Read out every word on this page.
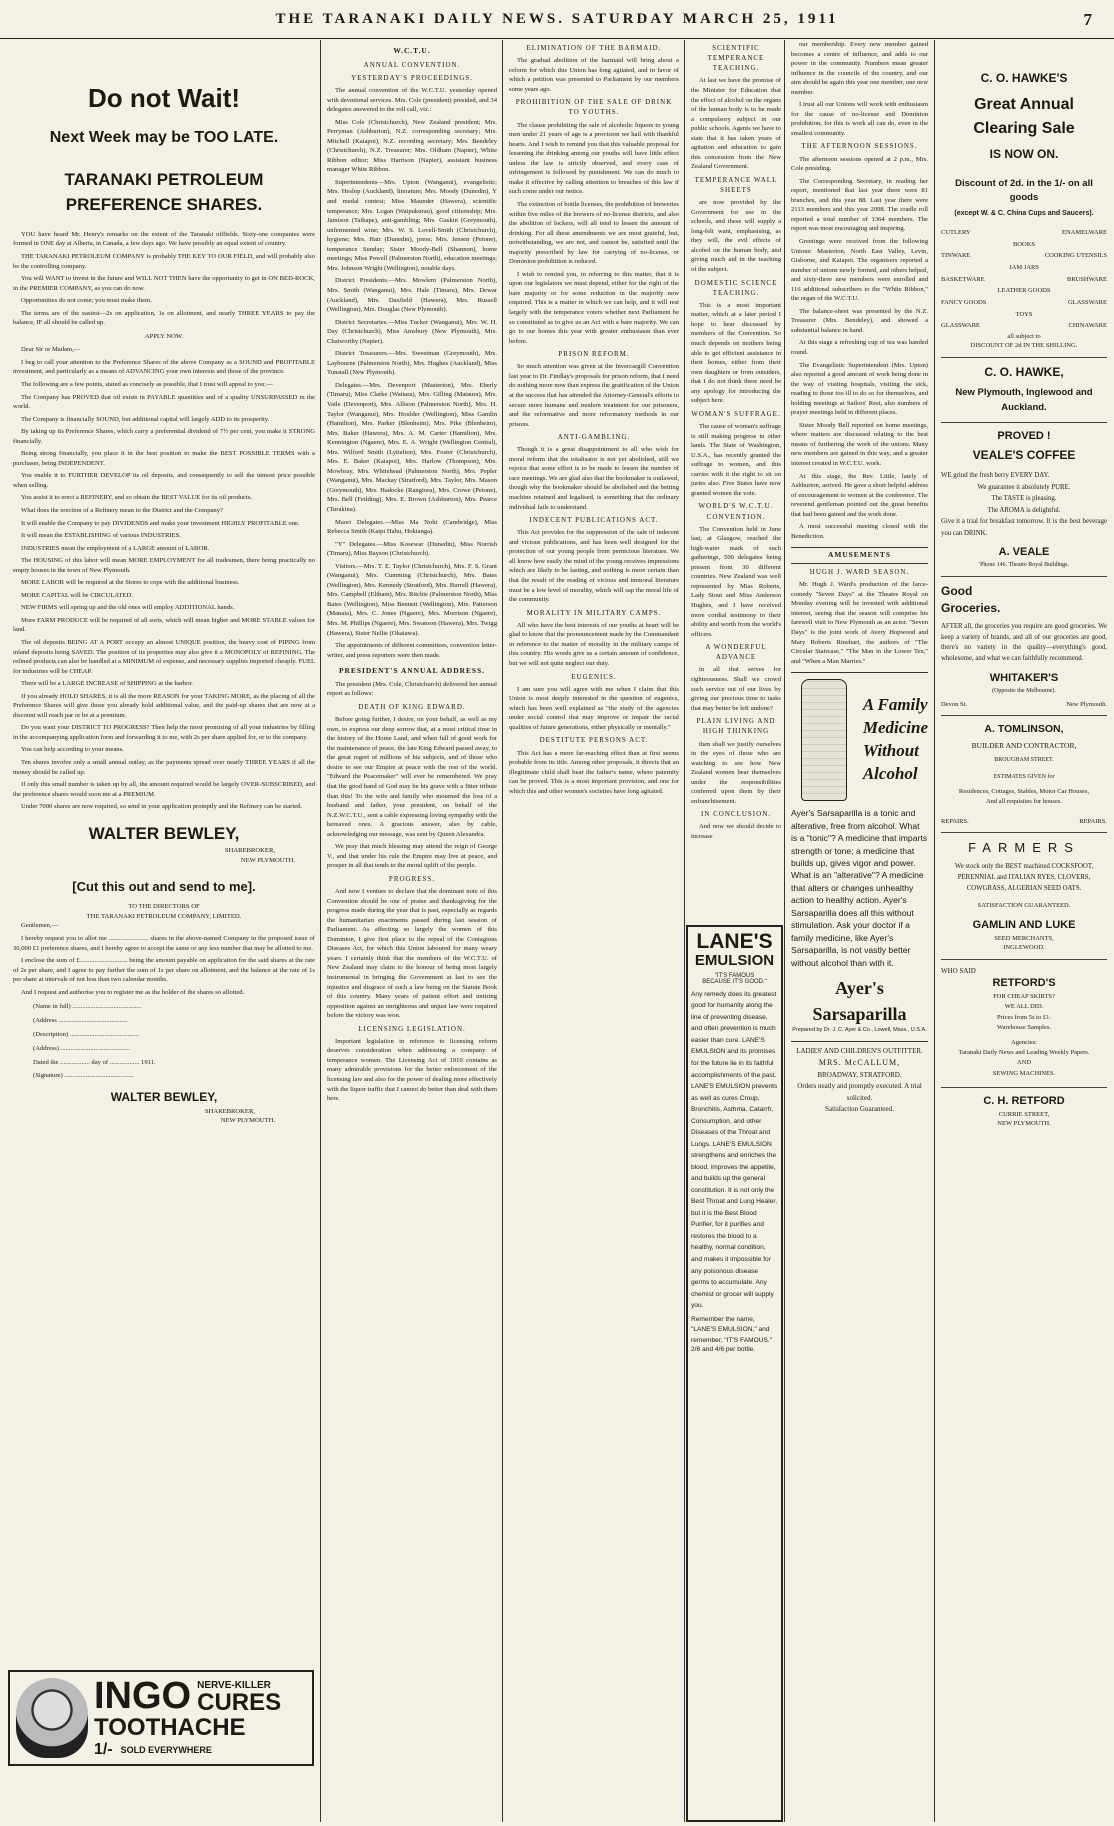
THE TARANAKI DAILY NEWS. SATURDAY MARCH 25, 1911	7
Do not Wait!
Next Week may be TOO LATE.
TARANAKI PETROLEUM PREFERENCE SHARES.

YOU have heard Mr. Henry's remarks on the extent of the Taranaki oilfields. Sixty-one companies were formed in ONE day at Alberta, in Canada, a few days ago. We have possibly an equal extent of country.

THE TARANAKI PETROLEUM COMPANY is probably THE KEY TO OUR FIELD, and will probably also be the controlling company.

You will WANT to invest in the future and WILL NOT THEN have the opportunity to get in ON BED-ROCK, in the PREMIER COMPANY, as you can do now.

Opportunities do not come; you must make them.

The terms are of the easiest—2s on application, 1s on allotment, and nearly THREE YEARS to pay the balance, IF all should be called up.

APPLY NOW.

Dear Sir or Madam,—

I beg to call your attention to the Preference Shares of the above Company as a SOUND and PROFITABLE investment, and particularly as a means of ADVANCING your own interests and those of the province.

The following are a few points, stated as concisely as possible, that I trust will appeal to you:—

The Company has PROVED that oil exists in PAYABLE quantities and of a quality UNSURPASSED in the world.

The Company is financially SOUND, but additional capital will largely ADD to its prosperity.

By taking up its Preference Shares, which carry a preferential dividend of 7½ per cent, you make it STRONG financially.

Being strong financially, you place it in the best position to make the BEST POSSIBLE TERMS with a purchaser, being INDEPENDENT.

You enable it to FURTHER DEVELOP its oil deposits, and consequently to sell the utmost price possible when selling.

You assist it to erect a REFINERY, and so obtain the BEST VALUE for its oil products.

What does the erection of a Refinery mean to the District and the Company?

It will enable the Company to pay DIVIDENDS and make your investment HIGHLY PROFITABLE one.

It will mean the ESTABLISHING of various INDUSTRIES.

INDUSTRIES mean the employment of a LARGE amount of LABOR.

The HOUSING of this labor will mean MORE EMPLOYMENT for all tradesmen, there being practically no empty houses in the town of New Plymouth.

MORE LABOR will be required at the Stores to cope with the additional business.

MORE CAPITAL will be CIRCULATED.

NEW FIRMS will spring up and the old ones will employ ADDITIONAL hands.

More FARM PRODUCE will be required of all sorts, which will mean higher and MORE STABLE values for land.

The oil deposits BEING AT A PORT occupy an almost UNIQUE position, the heavy cost of PIPING from inland deposits being SAVED. The position of its properties may also give it a MONOPOLY of REFINING. The refined products can also be handled at a MINIMUM of expense, and necessary supplies imported cheaply. FUEL for industries will be CHEAP.

There will be a LARGE INCREASE of SHIPPING at the harbor.

If you already HOLD SHARES, it is all the more REASON for your TAKING MORE, as the placing of all the Preference Shares will give those you already hold additional value, and the paid-up shares that are now at a discount will reach par or be at a premium.

Do you want your DISTRICT TO PROGRESS? Then help the most promising of all your industries by filling in the accompanying application form and forwarding it to me, with 2s per share applied for, or to the company.

You can help according to your means.

Ten shares involve only a small annual outlay, as the payments spread over nearly THREE YEARS if all the money should be called up.

If only this small number is taken up by all, the amount required would be largely OVER-SUBSCRIBED, and the preference shares would soon me at a PREMIUM.

Under 7000 shares are now required, so send in your application promptly and the Refinery can be started.

WALTER BEWLEY,
SHAREBROKER,
NEW PLYMOUTH.
[Cut this out and send to me].
TO THE DIRECTORS OF
THE TARANAKI PETROLEUM COMPANY, LIMITED.

Gentlemen,—

I hereby request you to allot me ........................ shares in the above-named Company in the proposed issue of 30,000 £1 preference shares, and I hereby agree to accept the same or any less number that may be allotted to me.

I enclose the sum of £............................. being the amount payable on application for the said shares at the rate of 2s per share, and I agree to pay further the sum of 1s per share on allotment, and the balance at the rate of 1s per share at intervals of not less than two calendar months.

And I request and authorise you to register me as the holder of the shares so allotted.

(Name in full) ..........................................
(Address ..........................................
(Description) ..........................................
(Address) ..........................................
Dated the .................. day of .................. 1911.
(Signature) ..........................................
WALTER BEWLEY,
SHAREBROKER,
NEW PLYMOUTH.
INGO NERVE-KILLER
CURES
TOOTHACHE
1/- SOLD EVERYWHERE
W.C.T.U.
ANNUAL CONVENTION.
YESTERDAY'S PROCEEDINGS.

The annual convention of the W.C.T.U. yesterday opened with devotional services. Mrs. Cole (president) presided, and 34 delegates answered to the roll call, viz.:

Miss Cole (Christchurch), New Zealand president; Mrs. Perryman (Ashburton), N.Z. corresponding secretary; Mrs. Mitchell (Kaiapoi), N.Z. recording secretary; Mrs. Bendeley (Christchurch), N.Z. Treasurer; Mrs. Oldham (Napier), White Ribbon editor; Miss Harrison (Napier), assistant business manager White Ribbon.

Superintendents—Mrs. Upton (Wanganui), evangelistic; Mrs. Heslop (Auckland), literature; Mrs. Moody (Dunedin), Y and medal contest; Miss Maunder (Hawera), scientific temperance; Mrs. Logan (Waipukurau), good citizenship; Mrs. Jamison (Taihape), anti-gambling; Mrs. Gaskin (Greymouth), unfermented wine; Mrs. W. S. Lovell-Smith (Christchurch), hygiene; Mrs. Hair (Dunedin), press; Mrs. Jensen (Petone), temperance Sunday; Sister Moody-Bell (Shannon), home meetings; Miss Powell (Palmerston North), education meetings; Mrs. Johnson Wright (Wellington), notable days.

District Presidents.—Mrs. Mowlem (Palmerston North), Mrs. Smith (Wanganui), Mrs. Hale (Timaru), Mrs. Dewar (Auckland), Mrs. Daxfield (Hawera), Mrs. Russell (Wellington), Mrs. Douglas (New Plymouth).

District Secretaries.—Miss Tucker (Wanganui), Mrs. W. H. Day (Christchurch), Miss Amsbury (New Plymouth), Mrs. Chatworthy (Napier).

District Treasurers.—Mrs. Sweetman (Greymouth), Mrs. Laybourne (Palmerston North), Mrs. Hughes (Auckland), Miss Tunstall (New Plymouth).

Delegates.—Mrs. Devenport (Masterton), Mrs. Eberly (Timaru), Miss Clarke (Waitara), Mrs. Gilling (Mataura), Mrs. Vaile (Devenport), Mrs. Allison (Palmerston North), Mrs. H. Taylor (Wanganui), Mrs. Houlder (Wellington), Miss Gamlin (Hamilton), Mrs. Parker (Blenheim), Mrs. Pike (Blenheim), Mrs. Baker (Hawera), Mrs. A. M. Carter (Hamilton), Mrs. Kennington (Ngaere), Mrs. E. A. Wright (Wellington Central), Mrs. Wilford Smith (Lyttelton), Mrs. Foster (Christchurch), Mrs. E. Baker (Kaiapoi), Mrs. Harlow (Thompson), Mrs. Mowbray, Mrs. Whitehead (Palmerston North), Mrs. Pepler (Wanganui), Mrs. Mackay (Stratford), Mrs. Taylor, Mrs. Mason (Greymouth), Mrs. Hadocke (Rangiora), Mrs. Crowe (Petone), Mrs. Bell (Feilding), Mrs. E. Brown (Ashburton), Mrs. Pearce (Turakina).

Maori Delegates.—Miss Ma Nohi (Cambridge), Miss Rebecca Smith (Kaipi Hahu, Hokianga).

"Y" Delegates.—Miss Kosewar (Dunedin), Miss Norrish (Timaru), Miss Bayson (Christchurch).

Visitors.—Mrs. T. E. Taylor (Christchurch), Mrs. F. S. Grant (Wanganui), Mrs. Cumming (Christchurch), Mrs. Bates (Wellington), Mrs. Kennedy (Stratford), Mrs. Burrell (Hawera), Mrs. Campbell (Eltham), Mrs. Ritchie (Palmerston North), Miss Bates (Wellington), Miss Bennett (Wellington), Mrs. Patterson (Manaia), Mrs. C. Jones (Ngaere), Mrs. Morrison (Ngaere), Mrs. M. Phillips (Ngaere), Mrs. Swanson (Hawera), Mrs. Twigg (Hawera), Sister Nellie (Okaiawa).

The appointments of different committees, convention letter-writer, and press reporters were then made.

PRESIDENT'S ANNUAL ADDRESS.

The president (Mrs. Cole, Christchurch) delivered her annual report as follows:

DEATH OF KING EDWARD.

Before going further, I desire, on your behalf, as well as my own, to express our deep sorrow that, at a most critical time in the history of the Home Land, and when full of good work for the maintenance of peace, the late King Edward passed away, to the great regret of millions of his subjects, and of those who desire to see our Empire at peace with the rest of the world. "Edward the Peacemaker" will ever be remembered. We pray that the good hand of God may be his grave with a fitter tribute than this! To the wife and family who mourned the loss of a husband and father, your president, on behalf of the N.Z.W.C.T.U., sent a cable expressing loving sympathy with the bereaved ones. A gracious answer, also by cable, acknowledging our message, was sent by Queen Alexandra.

We pray that much blessing may attend the reign of George V., and that under his rule the Empire may live at peace, and prosper in all that tends to the moral uplift of the people.

PROGRESS.

And now I venture to declare that the dominant note of this Convention should be one of praise and thanksgiving for the progress made during the year that is past, especially as regards the humanitarian enactments passed during last session of Parliament. As affecting so largely the women of this Dominion, I give first place to the repeal of the Contagious Diseases Act, for which this Union laboured for many weary years. I certainly think that the members of the W.C.T.U. of New Zealand may claim to the honour of being most largely instrumental in bringing the Government at last to see the injustice and disgrace of such a law being on the Statute Book of this country. Many years of patient effort and untiring opposition against an unrighteous and unjust law were required before the victory was won.

LICENSING LEGISLATION.

Important legislation in reference to licensing reform deserves consideration when addressing a company of temperance women. The Licensing Act of 1910 contains as many admirable provisions for the better enforcement of the licensing law and also for the power of dealing more effectively with the liquor traffic that I cannot do better than deal with them here.

ELIMINATION OF THE BARMAID.

The gradual abolition of the barmaid will bring about a reform for which this Union has long agitated, and in favor of which a petition was presented to Parliament by our members some years ago.

PROHIBITION OF THE SALE OF DRINK TO YOUTHS.

The clause prohibiting the sale of alcoholic liquors to young men under 21 years of age is a provision we hail with thankful hearts. And I wish to remind you that this valuable proposal for lessening the drinking among our youths will have little effect unless the law is strictly observed, and every case of infringement is followed by punishment. We can do much to make it effective by calling attention to breaches of this law if such come under our notice.

The extinction of bottle licenses, the prohibition of breweries within five miles of the brewers of no-license districts, and also the abolition of lockers, will all tend to lessen the amount of drinking. For all these amendments we are most grateful, but, notwithstanding, we are not, and cannot be, satisfied until the majority prescribed by law for carrying of no-license, or Dominion prohibition is reduced.

I wish to remind you, in referring to this matter, that it is upon our legislators we must depend, either for the right of the bare majority or for some reduction in the majority now required. This is a matter in which we can help, and it will rest largely with the temperance voters whether next Parliament be so constituted as to give us an Act with a bare majority. We can go to our homes this year with greater enthusiasm than ever before.

PRISON REFORM.

So much attention was given at the Invercargill Convention last year to Dr. Findlay's proposals for prison reform, that I need do nothing more now than express the gratification of the Union at the success that has attended the Attorney-General's efforts to secure more humane and modern treatment for our prisoners, and the reformative and more reformatory methods in our prisons.

ANTI-GAMBLING.

Though it is a great disappointment to all who wish for moral reform that the totalisator is not yet abolished, still we rejoice that some effort is to be made to lessen the number of race meetings. We are glad also that the bookmaker is outlawed, though why the bookmaker should be abolished and the betting machine retained and legalised, is something that the ordinary individual fails to understand.

INDECENT PUBLICATIONS ACT.

This Act provides for the suppression of the sale of indecent and vicious publications, and has been well designed for the protection of our young people from pernicious literature. We all know how easily the mind of the young receives impressions which are likely to be lasting, and nothing is more certain than that the result of the reading of vicious and immoral literature must be a low level of morality, which will sap the moral life of the community.

MORALITY IN MILITARY CAMPS.

All who have the best interests of our youths at heart will be glad to know that the pronouncement made by the Commandant in reference to the matter of morality in the military camps of this country. His words give us a certain amount of confidence, but we will not quite neglect our duty.

EUGENICS.

I am sure you will agree with me when I claim that this Union is most deeply interested in the question of eugenics, which has been well explained as "the study of the agencies under social control that may improve or impair the racial qualities of future generations, either physically or mentally."

DESTITUTE PERSONS ACT.

This Act has a more far-reaching effect than at first seems probable from its title. Among other proposals, it directs that an illegitimate child shall bear the father's name, where paternity can be proved. This is a most important provision, and one for which this and other women's societies have long agitated.

SCIENTIFIC TEMPERANCE TEACHING.

At last we have the promise of the Minister for Education that the effect of alcohol on the organs of the human body is to be made a compulsory subject in our public schools. Agents we have to state that it has taken years of agitation and education to gain this concession from the New Zealand Government.

TEMPERANCE WALL SHEETS

are now provided by the Government for use in the schools, and these will supply a long-felt want, emphasising, as they will, the evil effects of alcohol on the human body, and giving much aid in the teaching of the subject.

DOMESTIC SCIENCE TEACHING.

This is a most important matter, which at a later period I hope to hear discussed by members of the Convention. So much depends on mothers being able to get efficient assistance in their homes, either from their own daughters or from outsiders, that I do not think there need be any apology for introducing the subject here.

WOMAN'S SUFFRAGE.

The cause of woman's suffrage is still making progress in other lands. The State of Washington, U.S.A., has recently granted the suffrage to women, and this carries with it the right to sit on juries also. Five States have now granted women the vote.

WORLD'S W.C.T.U. CONVENTION.

The Convention held in June last, at Glasgow, reached the high-water mark of such gatherings, 500 delegates being present from 30 different countries. New Zealand was well represented by Miss Roberts, Lady Stout and Miss Anderson Hughes, and I have received more cordial testimony to their ability and worth from the world's officers.

A WONDERFUL ADVANCE

in all that serves for righteousness. Shall we crowd such service out of our lives by giving our precious time to tasks that may better be left undone?

PLAIN LIVING AND HIGH THINKING

then shall we justify ourselves in the eyes of those who are watching to see how New Zealand women bear themselves under the responsibilities conferred upon them by their enfranchisement.

IN CONCLUSION.

And now we should decide to increase

our membership. Every new member gained becomes a centre of influence, and adds to our power in the community. Numbers mean greater influence in the councils of the country, and our aim should be again this year one member, one new member.

I trust all our Unions will work with enthusiasm for the cause of no-license and Dominion prohibition, for this is work all can do, even in the smallest community.

THE AFTERNOON SESSIONS.

The afternoon sessions opened at 2 p.m., Mrs. Cole presiding.

The Corresponding Secretary, in reading her report, mentioned that last year there were 81 branches, and this year 88. Last year there were 2113 members and this year 2098. The cradle roll reported a total number of 1364 members. The report was most encouraging and inspiring.

Greetings were received from the following Unions: Masterton, North East Valley, Levin, Gisborne, and Kaiapoi. The organisers reported a number of unions newly formed, and others helped, and sixty-three new members were enrolled and 116 additional subscribers to the "White Ribbon," the organ of the W.C.T.U.

The balance-sheet was presented by the N.Z. Treasurer (Mrs. Bendeley), and showed a substantial balance in hand.

At this stage a refreshing cup of tea was handed round.

The Evangelistic Superintendent (Mrs. Upton) also reported a good amount of work being done in the way of visiting hospitals, visiting the sick, reading to those too ill to do so for themselves, and holding meetings at Sailors' Rest, also numbers of prayer meetings held in different places.

Sister Moody Bell reported on home meetings, where matters are discussed relating to the best means of furthering the work of the unions. Many new members are gained in this way, and a greater interest created in W.C.T.U. work.

At this stage, the Rev. Little, lately of Ashburton, arrived. He gave a short helpful address of encouragement to women at the conference. The reverend gentleman pointed out the great benefits that had been gained and the work done.

A most successful meeting closed with the Benediction.

AMUSEMENTS
HUGH J. WARD SEASON.

Mr. Hugh J. Ward's production of the farce-comedy "Seven Days" at the Theatre Royal on Monday evening will be invested with additional interest, seeing that the season will comprise his farewell visit to New Plymouth as an actor. "Seven Days" is the joint work of Avery Hopwood and Mary Roberts Rinehart, the authors of "The Circular Staircase," "The Man in the Lower Ten," and "When a Man Marries."

A Family
Medicine
Without
Alcohol
Ayer's Sarsaparilla is a tonic and alterative, free from alcohol. What is a "tonic"? A medicine that imparts strength or tone; a medicine that builds up, gives vigor and power. What is an "alterative"? A medicine that alters or changes unhealthy action to healthy action. Ayer's Sarsaparilla does all this without stimulation. Ask your doctor if a family medicine, like Ayer's Sarsaparilla, is not vastly better without alcohol than with it.
Ayer's Sarsaparilla
Prepared by Dr. J. C. Ayer & Co., Lowell, Mass., U.S.A.
LADIES' AND CHILDREN'S OUTFITTER.
MRS. McCALLUM,
BROADWAY, STRATFORD.
Orders neatly and promptly executed. A trial solicited.
Satisfaction Guaranteed.
C. O. HAWKE'S
Great Annual
Clearing Sale
IS NOW ON.
Discount of 2d. in the 1/- on all goods
(except W. & C. China Cups and Saucers).
CUTLERY	ENAMELWARE
BOOKS
TINWARE	COOKING UTENSILS
JAM JARS
BASKETWARE	BRUSHWARE
LEATHER GOODS
FANCY GOODS	GLASSWARE
TOYS
GLASSWARE	CHINAWARE
all subject to
DISCOUNT OF 2d IN THE SHILLING.
C. O. HAWKE,
New Plymouth, Inglewood and Auckland.
PROVED !
VEALE'S COFFEE
WE grind the fresh berry EVERY DAY.
We guarantee it absolutely PURE.
The TASTE is pleasing.
The AROMA is delightful.
Give it a trial for breakfast tomorrow. It is the best beverage you can DRINK.
A. VEALE
'Phone 146. Theatre Royal Buildings.
Good
Groceries.
AFTER all, the groceries you require are good groceries. We keep a variety of brands, and all of our groceries are good, there's no variety in the quality—everything's good, wholesome, and what we can faithfully recommend.
WHITAKER'S
(Opposite the Melbourne).
Devon St.	New Plymouth.
A. TOMLINSON,
BUILDER AND CONTRACTOR,
BROUGHAM STREET.
ESTIMATES GIVEN for
Residences, Cottages, Stables, Motor Car Houses,
And all requisites for houses.
REPAIRS.	REPAIRS.
FARMERS
We stock only the BEST machined COCKSFOOT, PERENNIAL and ITALIAN RYES, CLOVERS, COWGRASS, ALGERIAN SEED OATS.
SATISFACTION GUARANTEED.
GAMLIN AND LUKE
SEED MERCHANTS,
INGLEWOOD.
WHO SAID
RETFORD'S
FOR CHEAP SKIRTS?
WE ALL DID.
Prices from 5s to £1.
Warehouse Samples.
Agencies:
Taranaki Daily News and Leading Weekly Papers.
AND
SEWING MACHINES.
C. H. RETFORD
CURRIE STREET,
NEW PLYMOUTH.
LANE'S
EMULSION
"IT'S FAMOUS
BECAUSE IT'S GOOD."
Any remedy does its greatest good for humanity along the line of preventing disease, and often prevention is much easier than cure. LANE'S EMULSION and its promises for the future lie in its faithful accomplishments of the past. LANE'S EMULSION prevents as well as cures Croup, Bronchitis, Asthma, Catarrh, Consumption, and other Diseases of the Throat and Lungs. LANE'S EMULSION strengthens and enriches the blood, improves the appetite, and builds up the general constitution. It is not only the Best Throat and Lung Healer, but it is the Best Blood Purifier, for it purifies and restores the blood to a healthy, normal condition, and makes it impossible for any poisonous disease germs to accumulate. Any chemist or grocer will supply you.
Remember the name, "LANE'S EMULSION," and remember, "IT'S FAMOUS."
2/6 and 4/6 per bottle.
